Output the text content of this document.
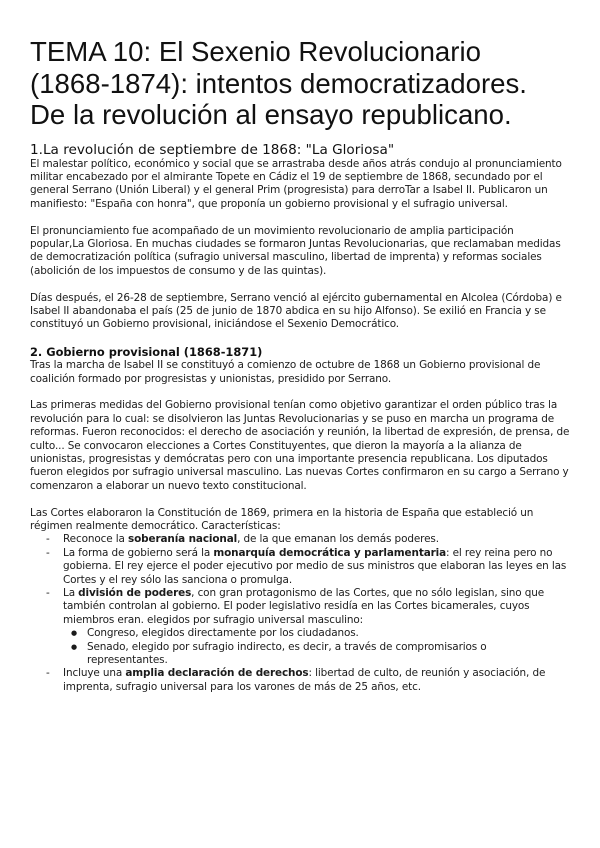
TEMA 10: El Sexenio Revolucionario
(1868-1874): intentos democratizadores.
De la revolución al ensayo republicano.
1.La revolución de septiembre de 1868: "La Gloriosa"

El malestar político, económico y social que se arrastraba desde años atrás condujo al pronunciamiento militar encabezado por el almirante Topete en Cádiz el 19 de septiembre de 1868, secundado por el general Serrano (Unión Liberal) y el general Prim (progresista) para derroTar a Isabel II. Publicaron un manifiesto: "España con honra", que proponía un gobierno provisional y el sufragio universal.

El pronunciamiento fue acompañado de un movimiento revolucionario de amplia participación popular,La Gloriosa. En muchas ciudades se formaron Juntas Revolucionarias, que reclamaban medidas de democratización política (sufragio universal masculino, libertad de imprenta) y reformas sociales (abolición de los impuestos de consumo y de las quintas).

Días después, el 26-28 de septiembre, Serrano venció al ejército gubernamental en Alcolea (Córdoba) e Isabel II abandonaba el país (25 de junio de 1870 abdica en su hijo Alfonso). Se exilió en Francia y se constituyó un Gobierno provisional, iniciándose el Sexenio Democrático.

2. Gobierno provisional (1868-1871)

Tras la marcha de Isabel II se constituyó a comienzo de octubre de 1868 un Gobierno provisional de coalición formado por progresistas y unionistas, presidido por Serrano.

Las primeras medidas del Gobierno provisional tenían como objetivo garantizar el orden público tras la revolución para lo cual: se disolvieron las Juntas Revolucionarias y se puso en marcha un programa de reformas. Fueron reconocidos: el derecho de asociación y reunión, la libertad de expresión, de prensa, de culto... Se convocaron elecciones a Cortes Constituyentes, que dieron la mayoría a la alianza de unionistas, progresistas y demócratas pero con una importante presencia republicana. Los diputados fueron elegidos por sufragio universal masculino. Las nuevas Cortes confirmaron en su cargo a Serrano y comenzaron a elaborar un nuevo texto constitucional.

Las Cortes elaboraron la Constitución de 1869, primera en la historia de España que estableció un régimen realmente democrático. Características:

- Reconoce la soberanía nacional, de la que emanan los demás poderes.
- La forma de gobierno será la monarquía democrática y parlamentaria: el rey reina pero no gobierna. El rey ejerce el poder ejecutivo por medio de sus ministros que elaboran las leyes en las Cortes y el rey sólo las sanciona o promulga.
- La división de poderes, con gran protagonismo de las Cortes, que no sólo legislan, sino que también controlan al gobierno. El poder legislativo residía en las Cortes bicamerales, cuyos miembros eran. elegidos por sufragio universal masculino:
● Congreso, elegidos directamente por los ciudadanos.
● Senado, elegido por sufragio indirecto, es decir, a través de compromisarios o representantes.
- Incluye una amplia declaración de derechos: libertad de culto, de reunión y asociación, de imprenta, sufragio universal para los varones de más de 25 años, etc.
